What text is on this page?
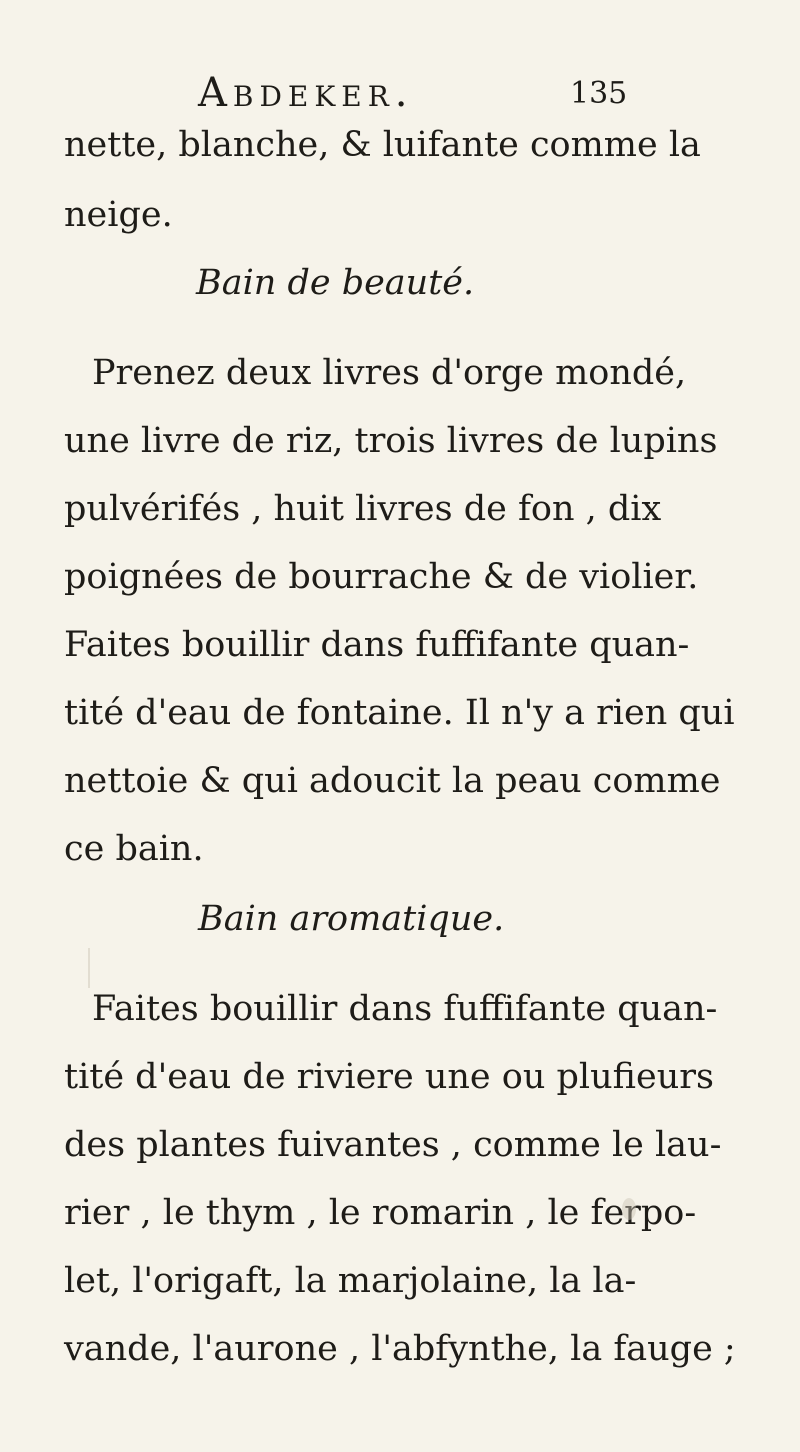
Abdeker.	135
nette, blanche, & luifante comme la
neige.
Bain de beauté.
Prenez deux livres d'orge mondé,
une livre de riz, trois livres de lupins
pulvérifés , huit livres de fon , dix
poignées de bourrache & de violier.
Faites bouillir dans fuffifante quan-
tité d'eau de fontaine. Il n'y a rien qui
nettoie & qui adoucit la peau comme
ce bain.
Bain aromatique.
Faites bouillir dans fuffifante quan-
tité d'eau de riviere une ou plufieurs
des plantes fuivantes , comme le lau-
rier , le thym , le romarin , le ferpo-
let, l'origaft, la marjolaine, la la-
vande, l'aurone , l'abfynthe, la fauge ;
